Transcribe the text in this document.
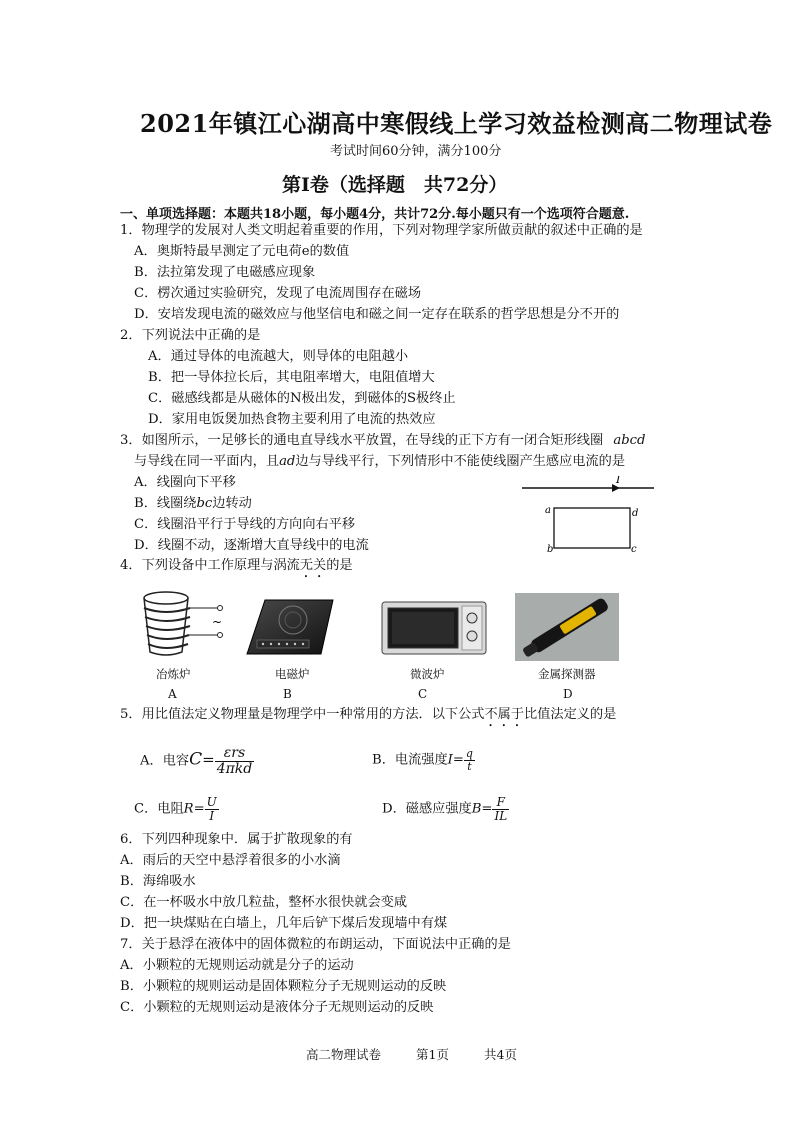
2021年镇江心湖高中寒假线上学习效益检测高二物理试卷
考试时间60分钟，满分100分
第Ⅰ卷（选择题　共72分）
一、单项选择题：本题共18小题，每小题4分，共计72分.每小题只有一个选项符合题意.
1．物理学的发展对人类文明起着重要的作用，下列对物理学家所做贡献的叙述中正确的是
A．奥斯特最早测定了元电荷e的数值
B．法拉第发现了电磁感应现象
C．楞次通过实验研究，发现了电流周围存在磁场
D．安培发现电流的磁效应与他坚信电和磁之间一定存在联系的哲学思想是分不开的
2．下列说法中正确的是
A．通过导体的电流越大，则导体的电阻越小
B．把一导体拉长后，其电阻率增大，电阻值增大
C．磁感线都是从磁体的N极出发，到磁体的S极终止
D．家用电饭煲加热食物主要利用了电流的热效应
3．如图所示，一足够长的通电直导线水平放置，在导线的正下方有一闭合矩形线圈 abcd
与导线在同一平面内，且ad边与导线平行，下列情形中不能使线圈产生感应电流的是
A．线圈向下平移
B．线圈绕bc边转动
C．线圈沿平行于导线的方向向右平移
D．线圈不动，逐渐增大直导线中的电流
I
a	d
b	c
4．下列设备中工作原理与涡流无关的是
~
冶炼炉	电磁炉	微波炉	金属探测器
A	B	C	D
5．用比值法定义物理量是物理学中一种常用的方法．以下公式不属于比值法定义的是
A．电容$C= \frac{\text{εrs}}{\text{4πkd}}$	B．电流强度$I= \frac{q}{t}$
C．电阻$R= \frac{U}{I}$	D．磁感应强度$B= \frac{F}{IL}$
6．下列四种现象中．属于扩散现象的有
A．雨后的天空中悬浮着很多的小水滴
B．海绵吸水
C．在一杯吸水中放几粒盐，整杯水很快就会变咸
D．把一块煤贴在白墙上，几年后铲下煤后发现墙中有煤
7．关于悬浮在液体中的固体微粒的布朗运动，下面说法中正确的是
A．小颗粒的无规则运动就是分子的运动
B．小颗粒的规则运动是固体颗粒分子无规则运动的反映
C．小颗粒的无规则运动是液体分子无规则运动的反映
高二物理试卷	第1页	共4页
